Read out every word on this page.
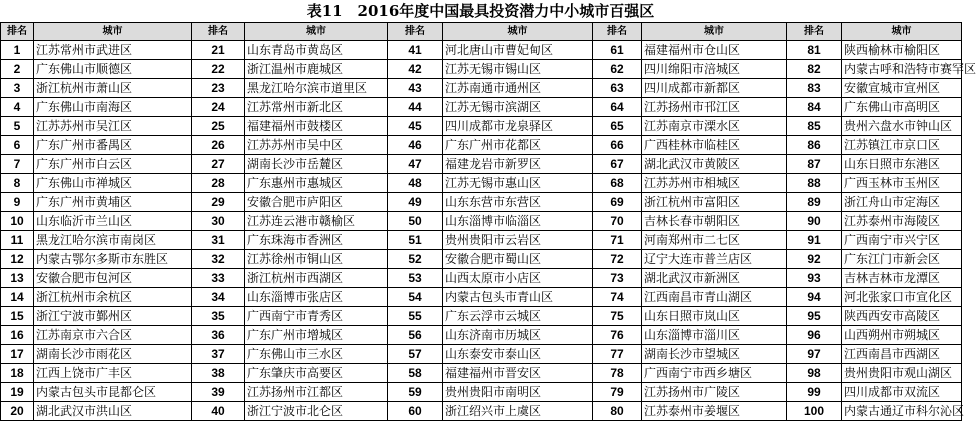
表11　2016年度中国最具投资潜力中小城市百强区
排名	城市	排名	城市	排名	城市	排名	城市	排名	城市
1	江苏常州市武进区	21	山东青岛市黄岛区	41	河北唐山市曹妃甸区	61	福建福州市仓山区	81	陕西榆林市榆阳区
2	广东佛山市顺德区	22	浙江温州市鹿城区	42	江苏无锡市锡山区	62	四川绵阳市涪城区	82	内蒙古呼和浩特市赛罕区
3	浙江杭州市萧山区	23	黑龙江哈尔滨市道里区	43	江苏南通市通州区	63	四川成都市新都区	83	安徽宣城市宣州区
4	广东佛山市南海区	24	江苏常州市新北区	44	江苏无锡市滨湖区	64	江苏扬州市邗江区	84	广东佛山市高明区
5	江苏苏州市吴江区	25	福建福州市鼓楼区	45	四川成都市龙泉驿区	65	江苏南京市溧水区	85	贵州六盘水市钟山区
6	广东广州市番禺区	26	江苏苏州市吴中区	46	广东广州市花都区	66	广西桂林市临桂区	86	江苏镇江市京口区
7	广东广州市白云区	27	湖南长沙市岳麓区	47	福建龙岩市新罗区	67	湖北武汉市黄陂区	87	山东日照市东港区
8	广东佛山市禅城区	28	广东惠州市惠城区	48	江苏无锡市惠山区	68	江苏苏州市相城区	88	广西玉林市玉州区
9	广东广州市黄埔区	29	安徽合肥市庐阳区	49	山东东营市东营区	69	浙江杭州市富阳区	89	浙江舟山市定海区
10	山东临沂市兰山区	30	江苏连云港市赣榆区	50	山东淄博市临淄区	70	吉林长春市朝阳区	90	江苏泰州市海陵区
11	黑龙江哈尔滨市南岗区	31	广东珠海市香洲区	51	贵州贵阳市云岩区	71	河南郑州市二七区	91	广西南宁市兴宁区
12	内蒙古鄂尔多斯市东胜区	32	江苏徐州市铜山区	52	安徽合肥市蜀山区	72	辽宁大连市普兰店区	92	广东江门市新会区
13	安徽合肥市包河区	33	浙江杭州市西湖区	53	山西太原市小店区	73	湖北武汉市新洲区	93	吉林吉林市龙潭区
14	浙江杭州市余杭区	34	山东淄博市张店区	54	内蒙古包头市青山区	74	江西南昌市青山湖区	94	河北张家口市宣化区
15	浙江宁波市鄞州区	35	广西南宁市青秀区	55	广东云浮市云城区	75	山东日照市岚山区	95	陕西西安市高陵区
16	江苏南京市六合区	36	广东广州市增城区	56	山东济南市历城区	76	山东淄博市淄川区	96	山西朔州市朔城区
17	湖南长沙市雨花区	37	广东佛山市三水区	57	山东泰安市泰山区	77	湖南长沙市望城区	97	江西南昌市西湖区
18	江西上饶市广丰区	38	广东肇庆市高要区	58	福建福州市晋安区	78	广西南宁市西乡塘区	98	贵州贵阳市观山湖区
19	内蒙古包头市昆都仑区	39	江苏扬州市江都区	59	贵州贵阳市南明区	79	江苏扬州市广陵区	99	四川成都市双流区
20	湖北武汉市洪山区	40	浙江宁波市北仑区	60	浙江绍兴市上虞区	80	江苏泰州市姜堰区	100	内蒙古通辽市科尔沁区
